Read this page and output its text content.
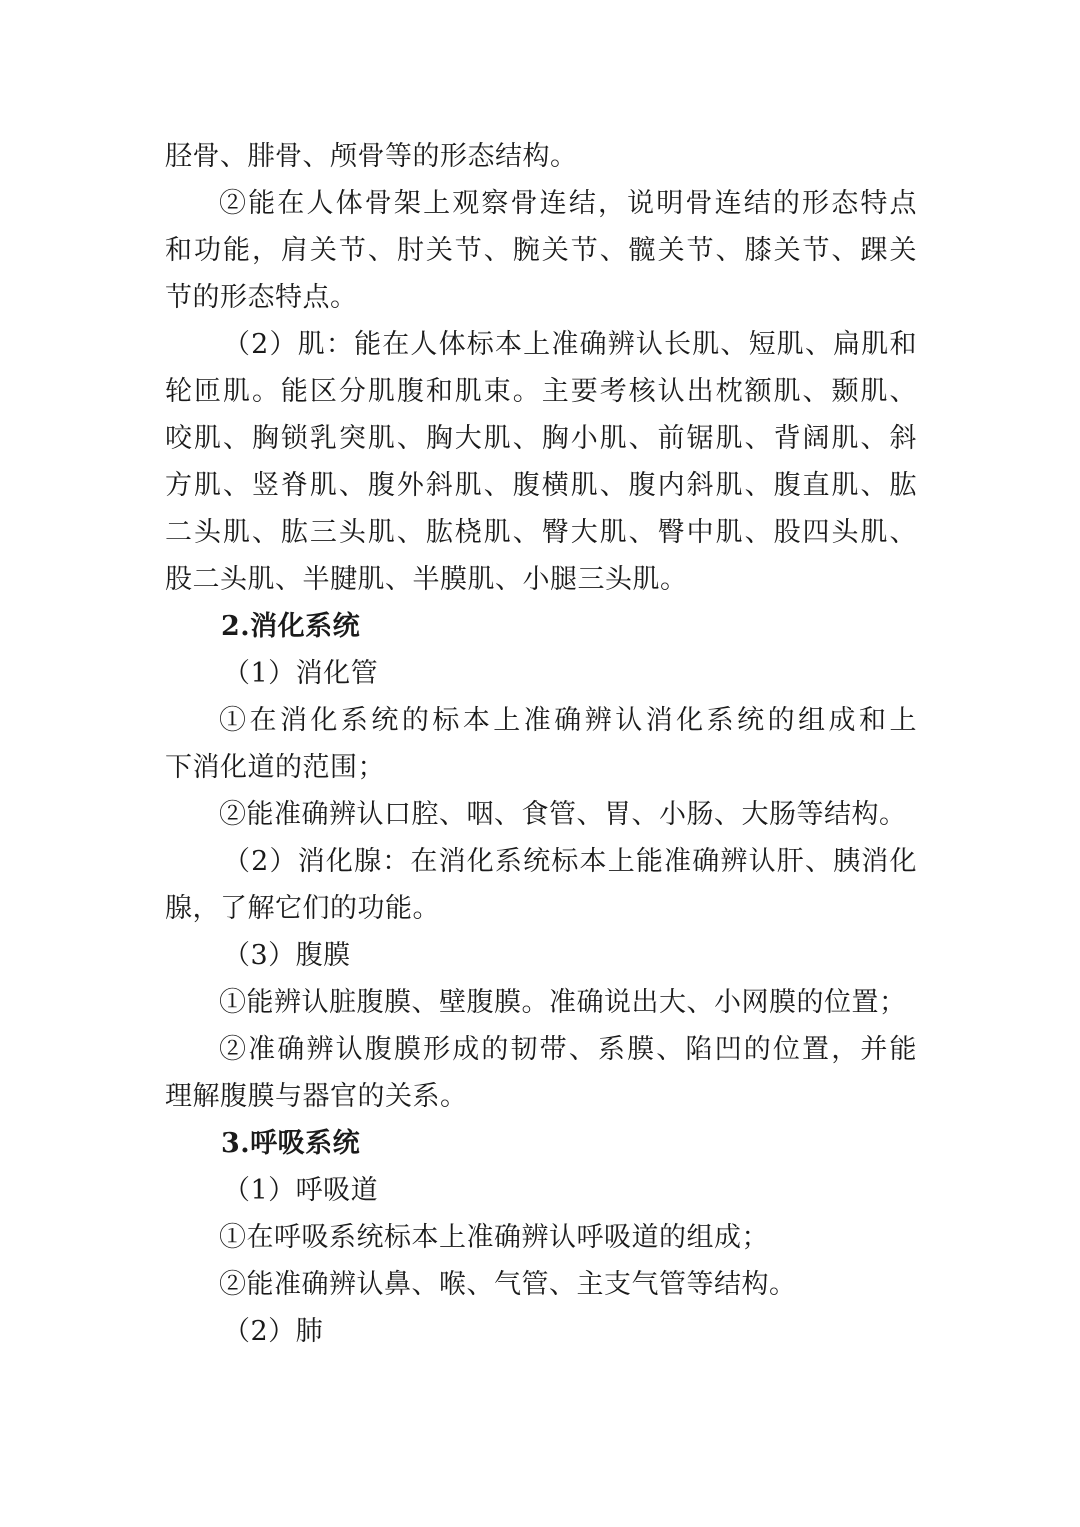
胫骨、腓骨、颅骨等的形态结构。
②能在人体骨架上观察骨连结，说明骨连结的形态特点
和功能，肩关节、肘关节、腕关节、髋关节、膝关节、踝关
节的形态特点。
（2）肌：能在人体标本上准确辨认长肌、短肌、扁肌和
轮匝肌。能区分肌腹和肌束。主要考核认出枕额肌、颞肌、
咬肌、胸锁乳突肌、胸大肌、胸小肌、前锯肌、背阔肌、斜
方肌、竖脊肌、腹外斜肌、腹横肌、腹内斜肌、腹直肌、肱
二头肌、肱三头肌、肱桡肌、臀大肌、臀中肌、股四头肌、
股二头肌、半腱肌、半膜肌、小腿三头肌。
2.消化系统
（1）消化管
①在消化系统的标本上准确辨认消化系统的组成和上
下消化道的范围；
②能准确辨认口腔、咽、食管、胃、小肠、大肠等结构。
（2）消化腺：在消化系统标本上能准确辨认肝、胰消化
腺，了解它们的功能。
（3）腹膜
①能辨认脏腹膜、壁腹膜。准确说出大、小网膜的位置；
②准确辨认腹膜形成的韧带、系膜、陷凹的位置，并能
理解腹膜与器官的关系。
3.呼吸系统
（1）呼吸道
①在呼吸系统标本上准确辨认呼吸道的组成；
②能准确辨认鼻、喉、气管、主支气管等结构。
（2）肺
